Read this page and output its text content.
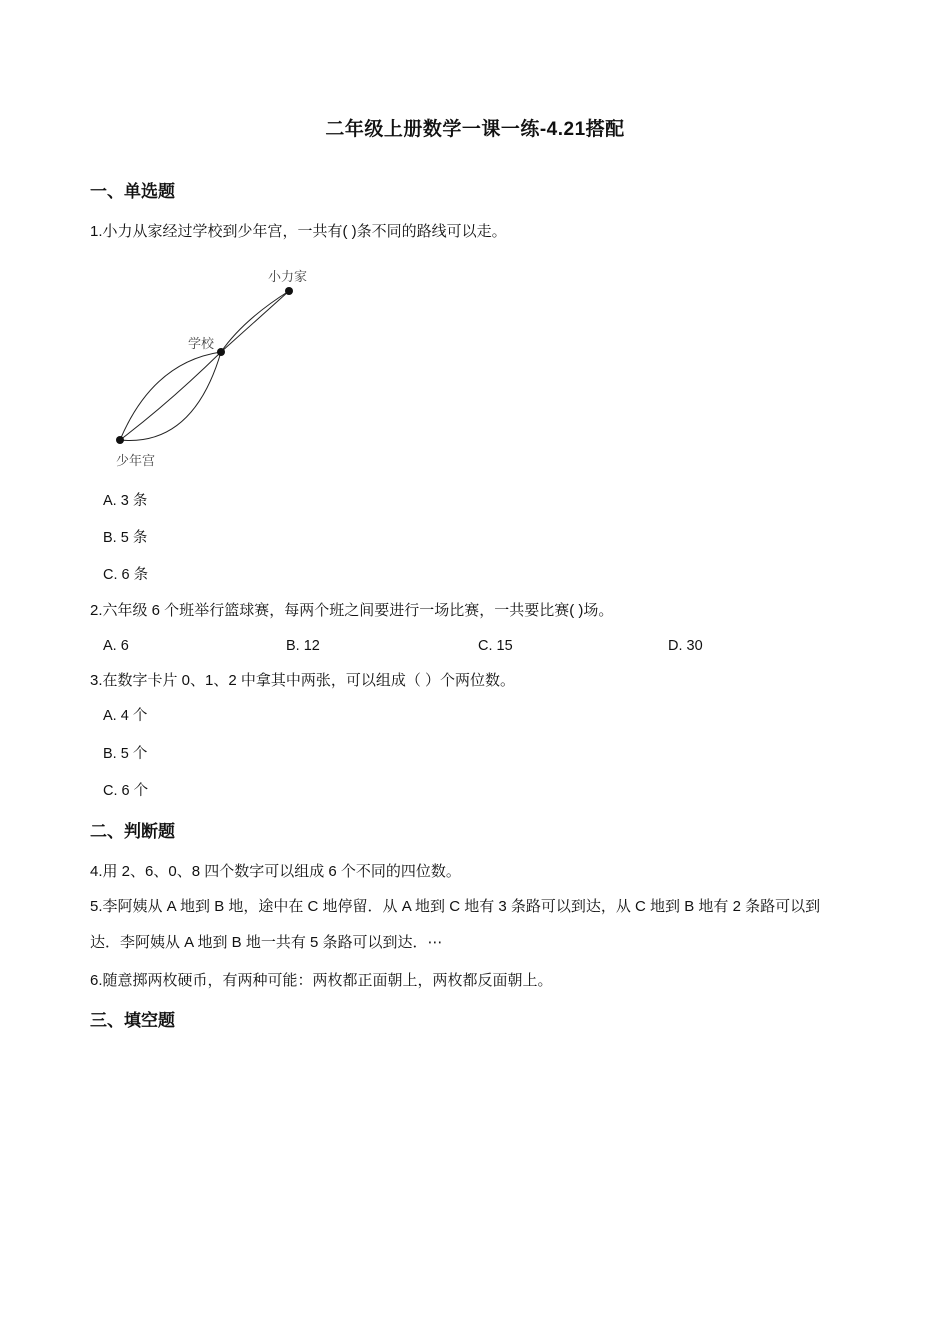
二年级上册数学一课一练-4.21搭配
一、单选题
1.小力从家经过学校到少年宫，一共有( )条不同的路线可以走。
小力家
学校
少年宫
A. 3 条
B. 5 条
C. 6 条
2.六年级 6 个班举行篮球赛，每两个班之间要进行一场比赛，一共要比赛( )场。
A. 6	B. 12	C. 15	D. 30
3.在数字卡片 0、1、2 中拿其中两张，可以组成（ ）个两位数。
A. 4 个
B. 5 个
C. 6 个
二、判断题
4.用 2、6、0、8 四个数字可以组成 6 个不同的四位数。
5.李阿姨从 A 地到 B 地，途中在 C 地停留．从 A 地到 C 地有 3 条路可以到达，从 C 地到 B 地有 2 条路可以到达．李阿姨从 A 地到 B 地一共有 5 条路可以到达．⋯
6.随意掷两枚硬币，有两种可能：两枚都正面朝上，两枚都反面朝上。
三、填空题
